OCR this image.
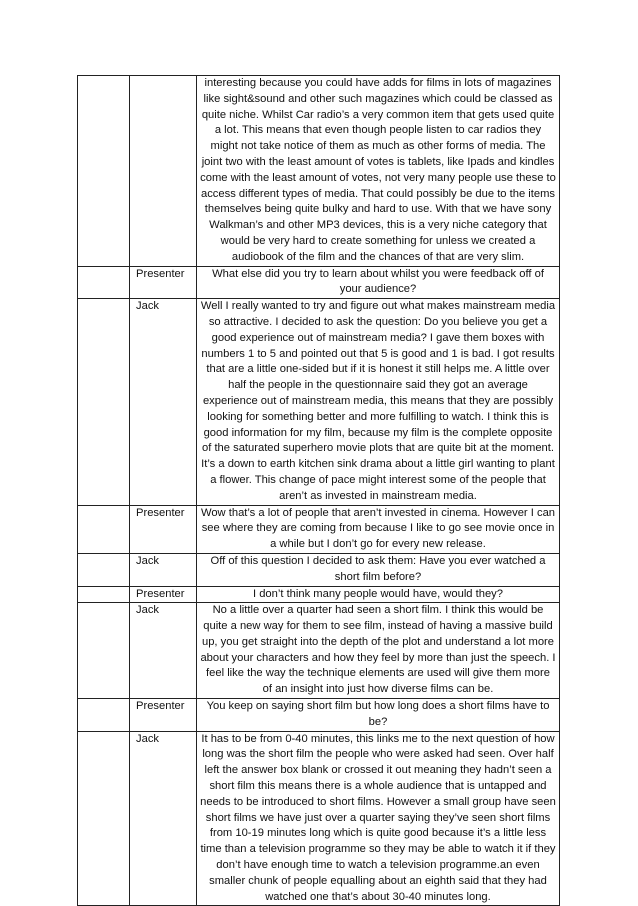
		interesting because you could have adds for films in lots of magazines like sight&sound and other such magazines which could be classed as quite niche. Whilst Car radio’s a very common item that gets used quite a lot. This means that even though people listen to car radios they might not take notice of them as much as other forms of media. The joint two with the least amount of votes is tablets, like Ipads and kindles come with the least amount of votes, not very many people use these to access different types of media. That could possibly be due to the items themselves being quite bulky and hard to use. With that we have sony Walkman’s and other MP3 devices, this is a very niche category that would be very hard to create something for unless we created a audiobook of the film and the chances of that are very slim.
	Presenter	What else did you try to learn about whilst you were feedback off of your audience?
	Jack	Well I really wanted to try and figure out what makes mainstream media so attractive. I decided to ask the question: Do you believe you get a good experience out of mainstream media? I gave them boxes with numbers 1 to 5 and pointed out that 5 is good and 1 is bad. I got results that are a little one-sided but if it is honest it still helps me. A little over half the people in the questionnaire said they got an average experience out of mainstream media, this means that they are possibly looking for something better and more fulfilling to watch. I think this is good information for my film, because my film is the complete opposite of the saturated superhero movie plots that are quite bit at the moment. It’s a down to earth kitchen sink drama about a little girl wanting to plant a flower. This change of pace might interest some of the people that aren’t as invested in mainstream media.
	Presenter	Wow that’s a lot of people that aren’t invested in cinema. However I can see where they are coming from because I like to go see movie once in a while but I don’t go for every new release.
	Jack	Off of this question I decided to ask them: Have you ever watched a short film before?
	Presenter	I don’t think many people would have, would they?
	Jack	No a little over a quarter had seen a short film. I think this would be quite a new way for them to see film, instead of having a massive build up, you get straight into the depth of the plot and understand a lot more about your characters and how they feel by more than just the speech. I feel like the way the technique elements are used will give them more of an insight into just how diverse films can be.
	Presenter	You keep on saying short film but how long does a short films have to be?
	Jack	It has to be from 0-40 minutes, this links me to the next question of how long was the short film the people who were asked had seen. Over half left the answer box blank or crossed it out meaning they hadn’t seen a short film this means there is a whole audience that is untapped and needs to be introduced to short films. However a small group have seen short films we have just over a quarter saying they’ve seen short films from 10-19 minutes long which is quite good because it’s a little less time than a television programme so they may be able to watch it if they don’t have enough time to watch a television programme.an even smaller chunk of people equalling about an eighth said that they had watched one that’s about 30-40 minutes long.
